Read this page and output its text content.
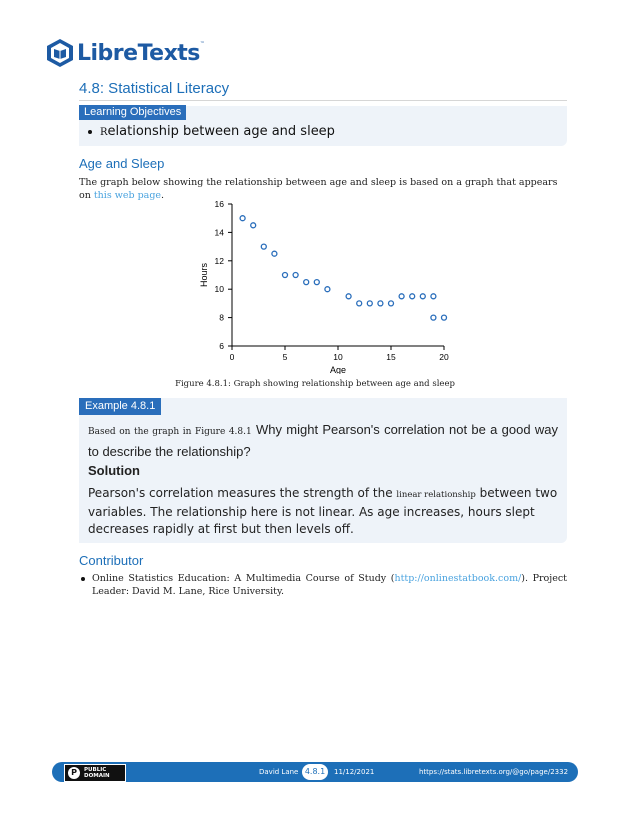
LibreTexts™
4.8: Statistical Literacy
Learning Objectives
Relationship between age and sleep
Age and Sleep
The graph below showing the relationship between age and sleep is based on a graph that appears on this web page.
0	5	10	15	20
6
8
10
12
14
16
Age
Hours
Figure 4.8.1: Graph showing relationship between age and sleep
Example 4.8.1
Based on the graph in Figure 4.8.1 Why might Pearson's correlation not be a good way to describe the relationship?
Solution
Pearson's correlation measures the strength of the linear relationship between two variables. The relationship here is not linear. As age increases, hours slept decreases rapidly at first but then levels off.
Contributor
Online Statistics Education: A Multimedia Course of Study (http://onlinestatbook.com/). Project Leader: David M. Lane, Rice University.
P	PUBLIC
DOMAIN	David Lane 4.8.1	11/12/2021	https://stats.libretexts.org/@go/page/2332
